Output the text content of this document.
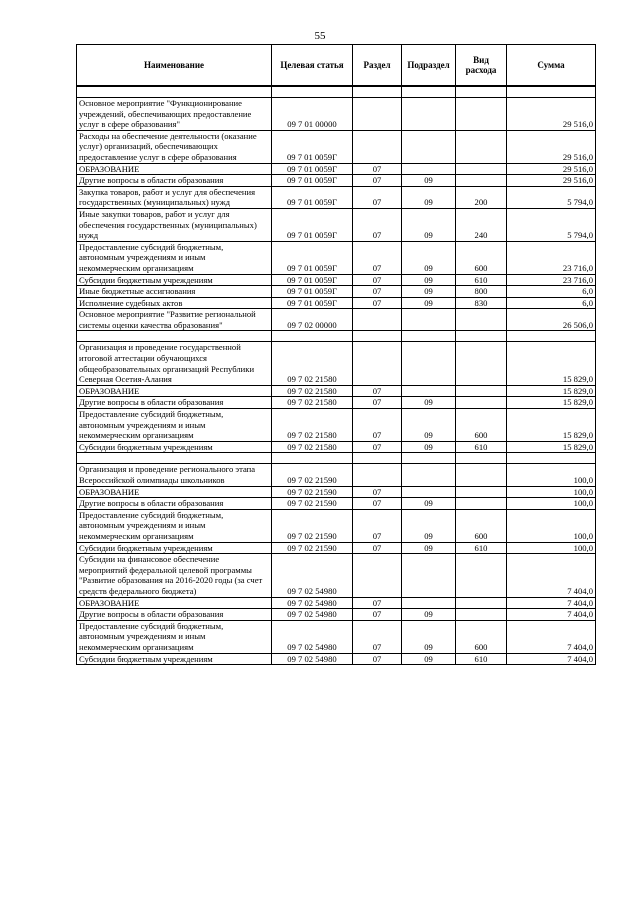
55
Наименование	Целевая статья	Раздел	Подраздел	Вид расхода	Сумма

Основное мероприятие "Функционирование учреждений, обеспечивающих предоставление услуг в сфере образования"	09 7 01 00000				29 516,0
Расходы на обеспечение деятельности (оказание услуг) организаций, обеспечивающих предоставление услуг в сфере образования	09 7 01 0059Г				29 516,0
ОБРАЗОВАНИЕ	09 7 01 0059Г	07			29 516,0
Другие вопросы в области образования	09 7 01 0059Г	07	09		29 516,0
Закупка товаров, работ и услуг для обеспечения государственных (муниципальных) нужд	09 7 01 0059Г	07	09	200	5 794,0
Иные закупки товаров, работ и услуг для обеспечения государственных (муниципальных) нужд	09 7 01 0059Г	07	09	240	5 794,0
Предоставление субсидий бюджетным, автономным учреждениям и иным некоммерческим организациям	09 7 01 0059Г	07	09	600	23 716,0
Субсидии бюджетным учреждениям	09 7 01 0059Г	07	09	610	23 716,0
Иные бюджетные ассигнования	09 7 01 0059Г	07	09	800	6,0
Исполнение судебных актов	09 7 01 0059Г	07	09	830	6,0
Основное мероприятие "Развитие региональной системы оценки качества образования"	09 7 02 00000				26 506,0

Организация и проведение государственной итоговой аттестации обучающихся общеобразовательных организаций Республики Северная Осетия-Алания	09 7 02 21580				15 829,0
ОБРАЗОВАНИЕ	09 7 02 21580	07			15 829,0
Другие вопросы в области образования	09 7 02 21580	07	09		15 829,0
Предоставление субсидий бюджетным, автономным учреждениям и иным некоммерческим организациям	09 7 02 21580	07	09	600	15 829,0
Субсидии бюджетным учреждениям	09 7 02 21580	07	09	610	15 829,0

Организация и проведение регионального этапа Всероссийской олимпиады школьников	09 7 02 21590				100,0
ОБРАЗОВАНИЕ	09 7 02 21590	07			100,0
Другие вопросы в области образования	09 7 02 21590	07	09		100,0
Предоставление субсидий бюджетным, автономным учреждениям и иным некоммерческим организациям	09 7 02 21590	07	09	600	100,0
Субсидии бюджетным учреждениям	09 7 02 21590	07	09	610	100,0
Субсидии на финансовое обеспечение мероприятий федеральной целевой программы "Развитие образования на 2016-2020 годы (за счет средств федерального бюджета)	09 7 02 54980				7 404,0
ОБРАЗОВАНИЕ	09 7 02 54980	07			7 404,0
Другие вопросы в области образования	09 7 02 54980	07	09		7 404,0
Предоставление субсидий бюджетным, автономным учреждениям и иным некоммерческим организациям	09 7 02 54980	07	09	600	7 404,0
Субсидии бюджетным учреждениям	09 7 02 54980	07	09	610	7 404,0
